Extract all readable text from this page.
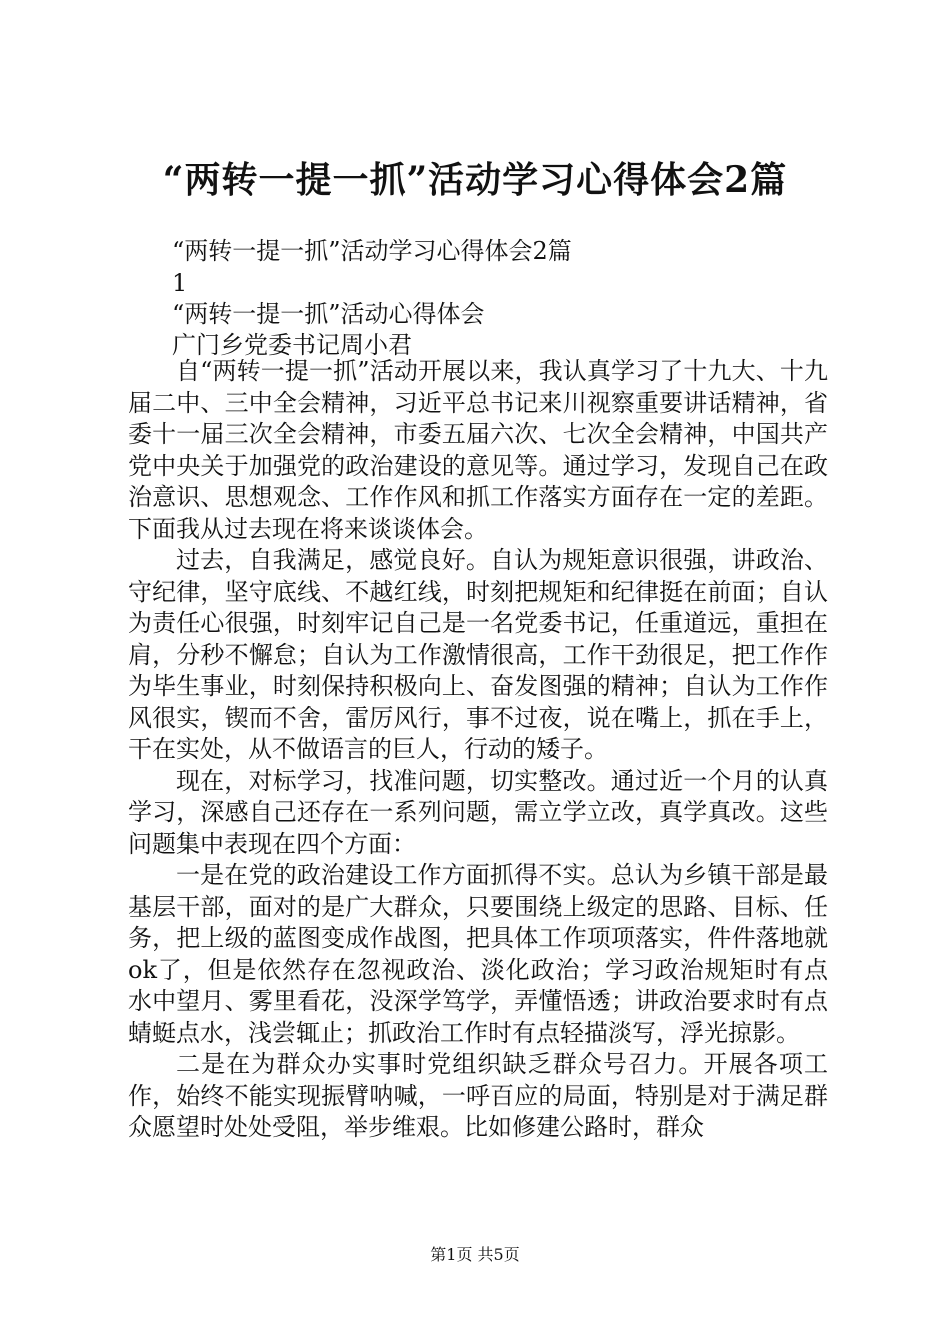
“两转一提一抓”活动学习心得体会2篇
“两转一提一抓”活动学习心得体会2篇
1
“两转一提一抓”活动心得体会
广门乡党委书记周小君

自“两转一提一抓”活动开展以来，我认真学习了十九大、十九届二中、三中全会精神，习近平总书记来川视察重要讲话精神，省委十一届三次全会精神，市委五届六次、七次全会精神，中国共产党中央关于加强党的政治建设的意见等。通过学习，发现自己在政治意识、思想观念、工作作风和抓工作落实方面存在一定的差距。下面我从过去现在将来谈谈体会。

过去，自我满足，感觉良好。自认为规矩意识很强，讲政治、守纪律，坚守底线、不越红线，时刻把规矩和纪律挺在前面；自认为责任心很强，时刻牢记自己是一名党委书记，任重道远，重担在肩，分秒不懈怠；自认为工作激情很高，工作干劲很足，把工作作为毕生事业，时刻保持积极向上、奋发图强的精神；自认为工作作风很实，锲而不舍，雷厉风行，事不过夜，说在嘴上，抓在手上，干在实处，从不做语言的巨人，行动的矮子。

现在，对标学习，找准问题，切实整改。通过近一个月的认真学习，深感自己还存在一系列问题，需立学立改，真学真改。这些问题集中表现在四个方面：

一是在党的政治建设工作方面抓得不实。总认为乡镇干部是最基层干部，面对的是广大群众，只要围绕上级定的思路、目标、任务，把上级的蓝图变成作战图，把具体工作项项落实，件件落地就ok了，但是依然存在忽视政治、淡化政治；学习政治规矩时有点水中望月、雾里看花，没深学笃学，弄懂悟透；讲政治要求时有点蜻蜓点水，浅尝辄止；抓政治工作时有点轻描淡写，浮光掠影。

二是在为群众办实事时党组织缺乏群众号召力。开展各项工作，始终不能实现振臂呐喊，一呼百应的局面，特别是对于满足群众愿望时处处受阻，举步维艰。比如修建公路时，群众

第1页 共5页
